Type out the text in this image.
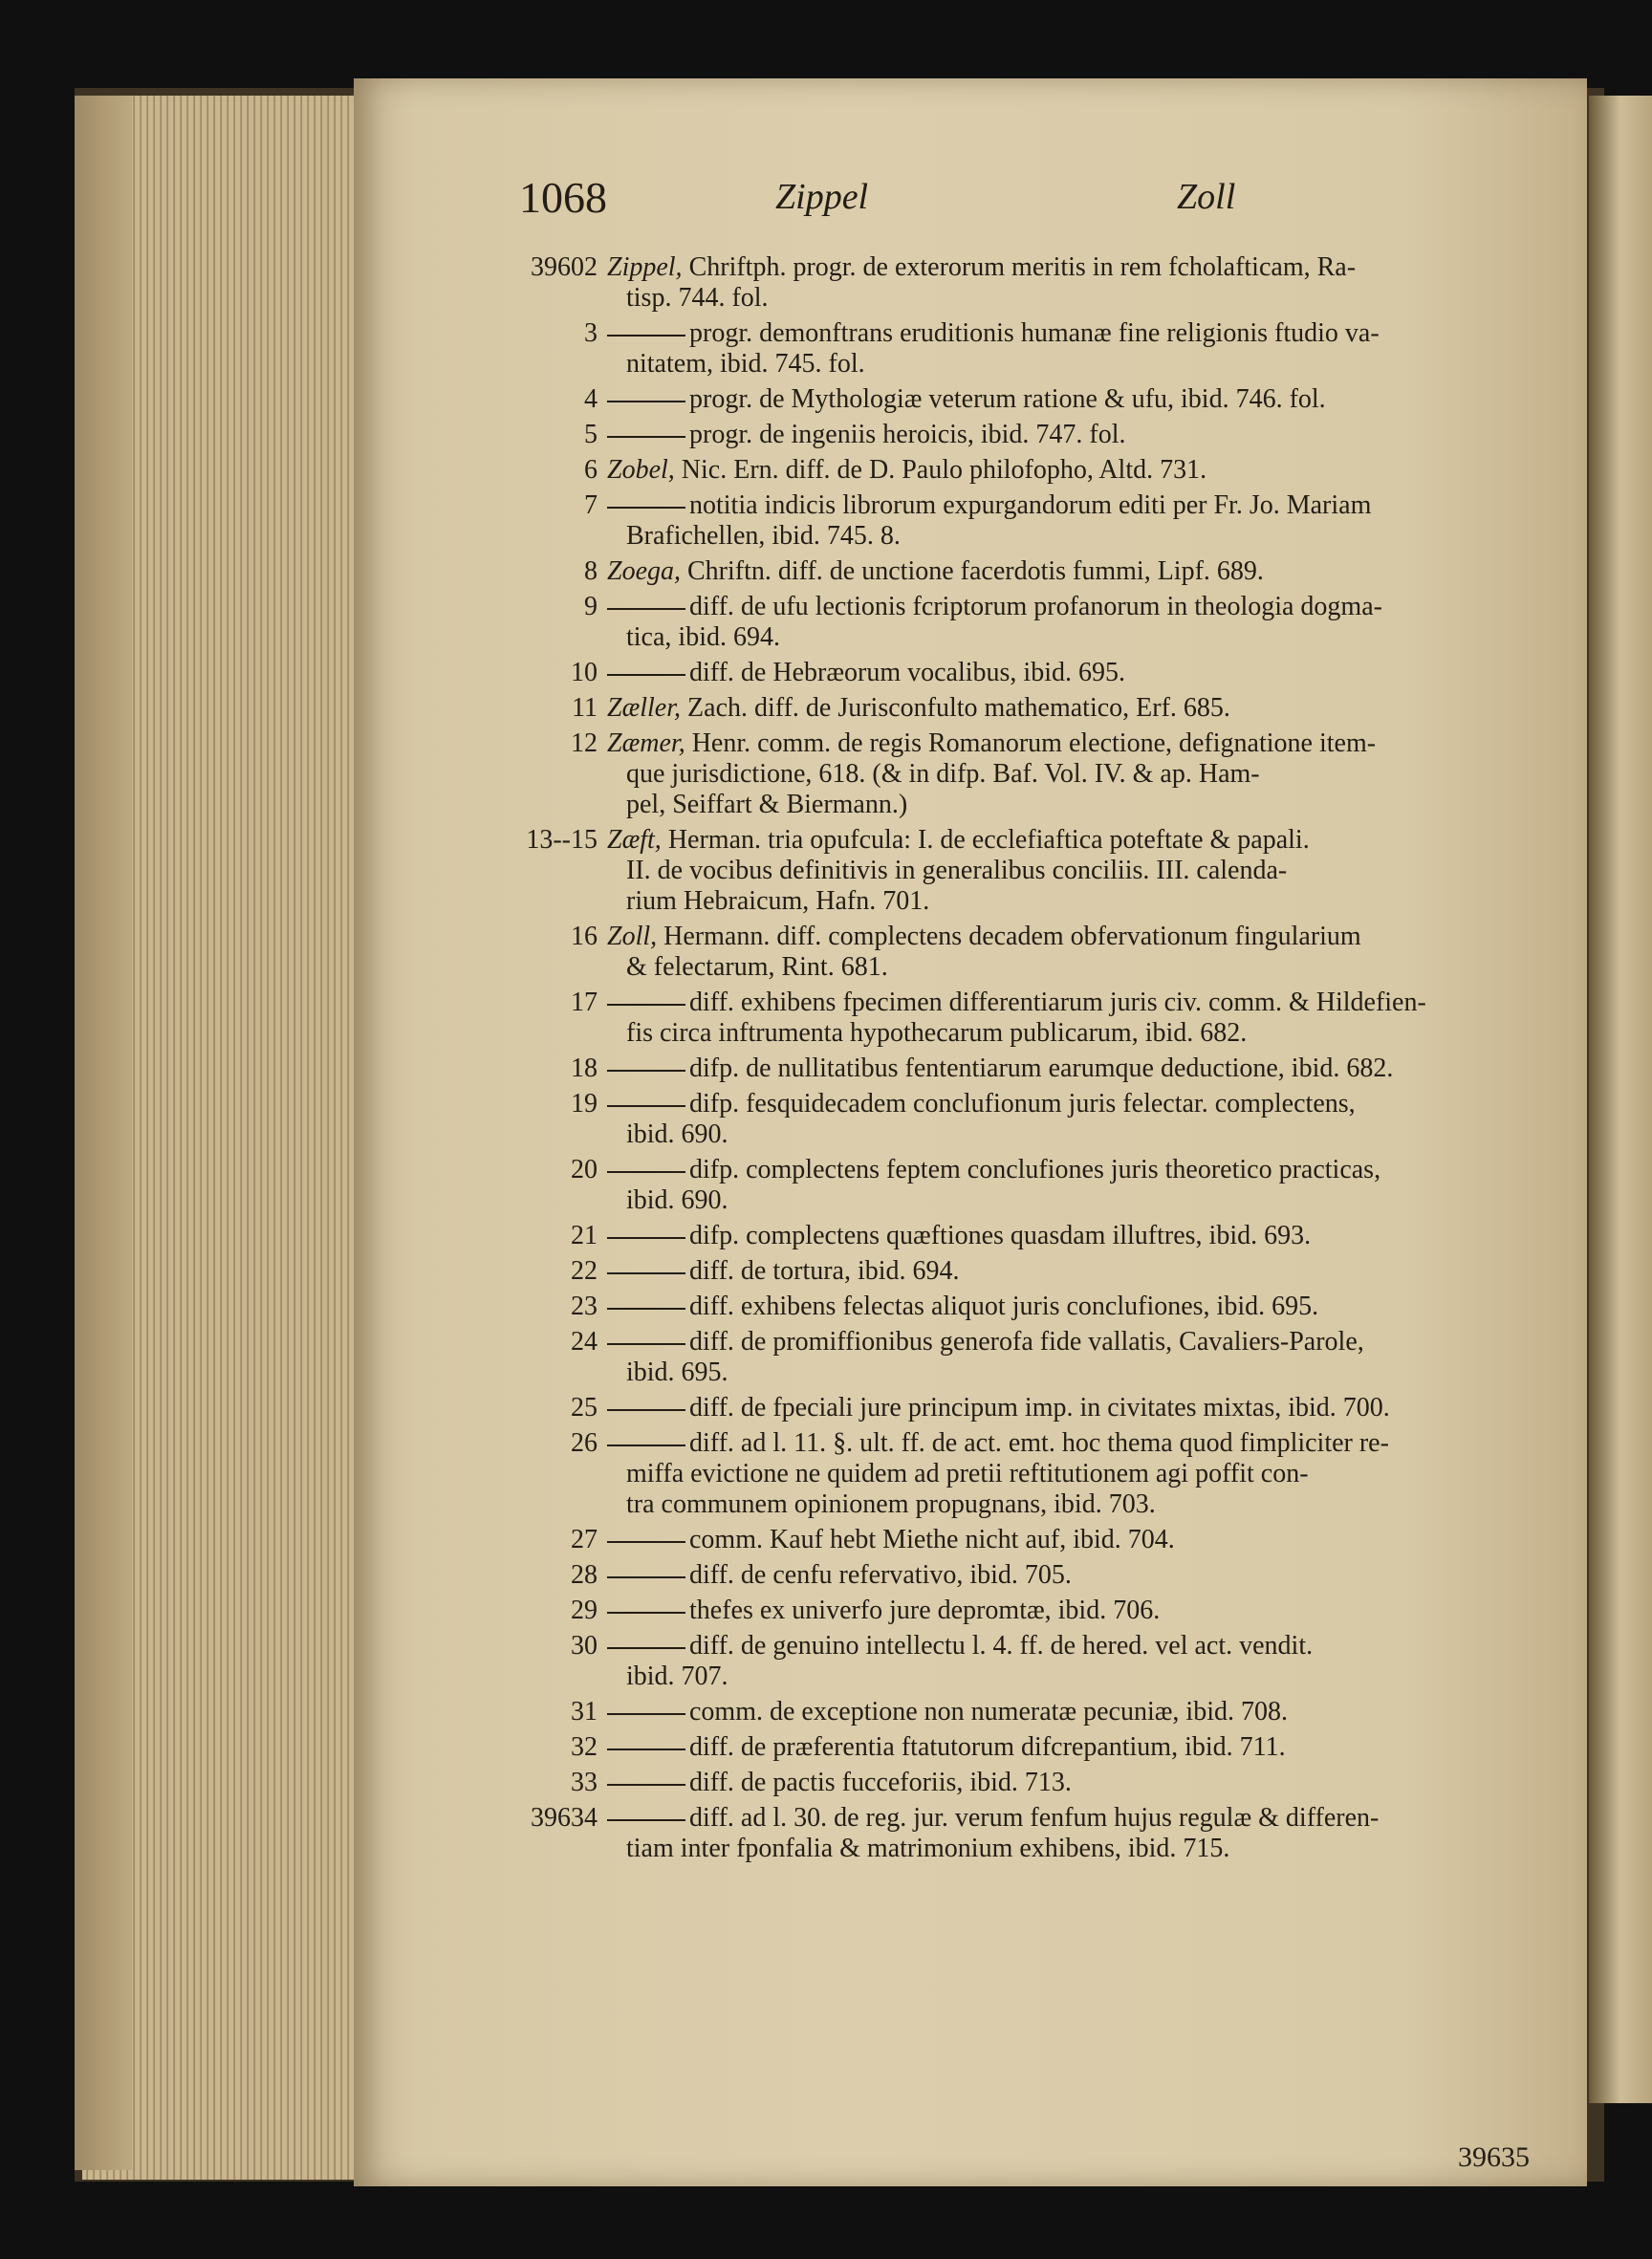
1068	Zippel	Zoll
39602 Zippel, Chriftph. progr. de exterorum meritis in rem fcholafticam, Ra-
tisp. 744. fol.
3	progr. demonftrans eruditionis humanæ fine religionis ftudio va-
nitatem, ibid. 745. fol.
4	progr. de Mythologiæ veterum ratione & ufu, ibid. 746. fol.
5	progr. de ingeniis heroicis, ibid. 747. fol.
6 Zobel, Nic. Ern. diff. de D. Paulo philofopho, Altd. 731.
7	notitia indicis librorum expurgandorum editi per Fr. Jo. Mariam
Brafichellen, ibid. 745. 8.
8 Zoega, Chriftn. diff. de unctione facerdotis fummi, Lipf. 689.
9	diff. de ufu lectionis fcriptorum profanorum in theologia dogma-
tica, ibid. 694.
10	diff. de Hebræorum vocalibus, ibid. 695.
11 Zæller, Zach. diff. de Jurisconfulto mathematico, Erf. 685.
12 Zæmer, Henr. comm. de regis Romanorum electione, defignatione item-
que jurisdictione, 618. (& in difp. Baf. Vol. IV. & ap. Ham-
pel, Seiffart & Biermann.)
13--15 Zæft, Herman. tria opufcula: I. de ecclefiaftica poteftate & papali.
II. de vocibus definitivis in generalibus conciliis. III. calenda-
rium Hebraicum, Hafn. 701.
16 Zoll, Hermann. diff. complectens decadem obfervationum fingularium
& felectarum, Rint. 681.
17	diff. exhibens fpecimen differentiarum juris civ. comm. & Hildefien-
fis circa inftrumenta hypothecarum publicarum, ibid. 682.
18	difp. de nullitatibus fententiarum earumque deductione, ibid. 682.
19	difp. fesquidecadem conclufionum juris felectar. complectens,
ibid. 690.
20	difp. complectens feptem conclufiones juris theoretico practicas,
ibid. 690.
21	difp. complectens quæftiones quasdam illuftres, ibid. 693.
22	diff. de tortura, ibid. 694.
23	diff. exhibens felectas aliquot juris conclufiones, ibid. 695.
24	diff. de promiffionibus generofa fide vallatis, Cavaliers-Parole,
ibid. 695.
25	diff. de fpeciali jure principum imp. in civitates mixtas, ibid. 700.
26	diff. ad l. 11. §. ult. ff. de act. emt. hoc thema quod fimpliciter re-
miffa evictione ne quidem ad pretii reftitutionem agi poffit con-
tra communem opinionem propugnans, ibid. 703.
27	comm. Kauf hebt Miethe nicht auf, ibid. 704.
28	diff. de cenfu refervativo, ibid. 705.
29	thefes ex univerfo jure depromtæ, ibid. 706.
30	diff. de genuino intellectu l. 4. ff. de hered. vel act. vendit.
ibid. 707.
31	comm. de exceptione non numeratæ pecuniæ, ibid. 708.
32	diff. de præferentia ftatutorum difcrepantium, ibid. 711.
33	diff. de pactis fucceforiis, ibid. 713.
39634	diff. ad l. 30. de reg. jur. verum fenfum hujus regulæ & differen-
tiam inter fponfalia & matrimonium exhibens, ibid. 715.
39635
